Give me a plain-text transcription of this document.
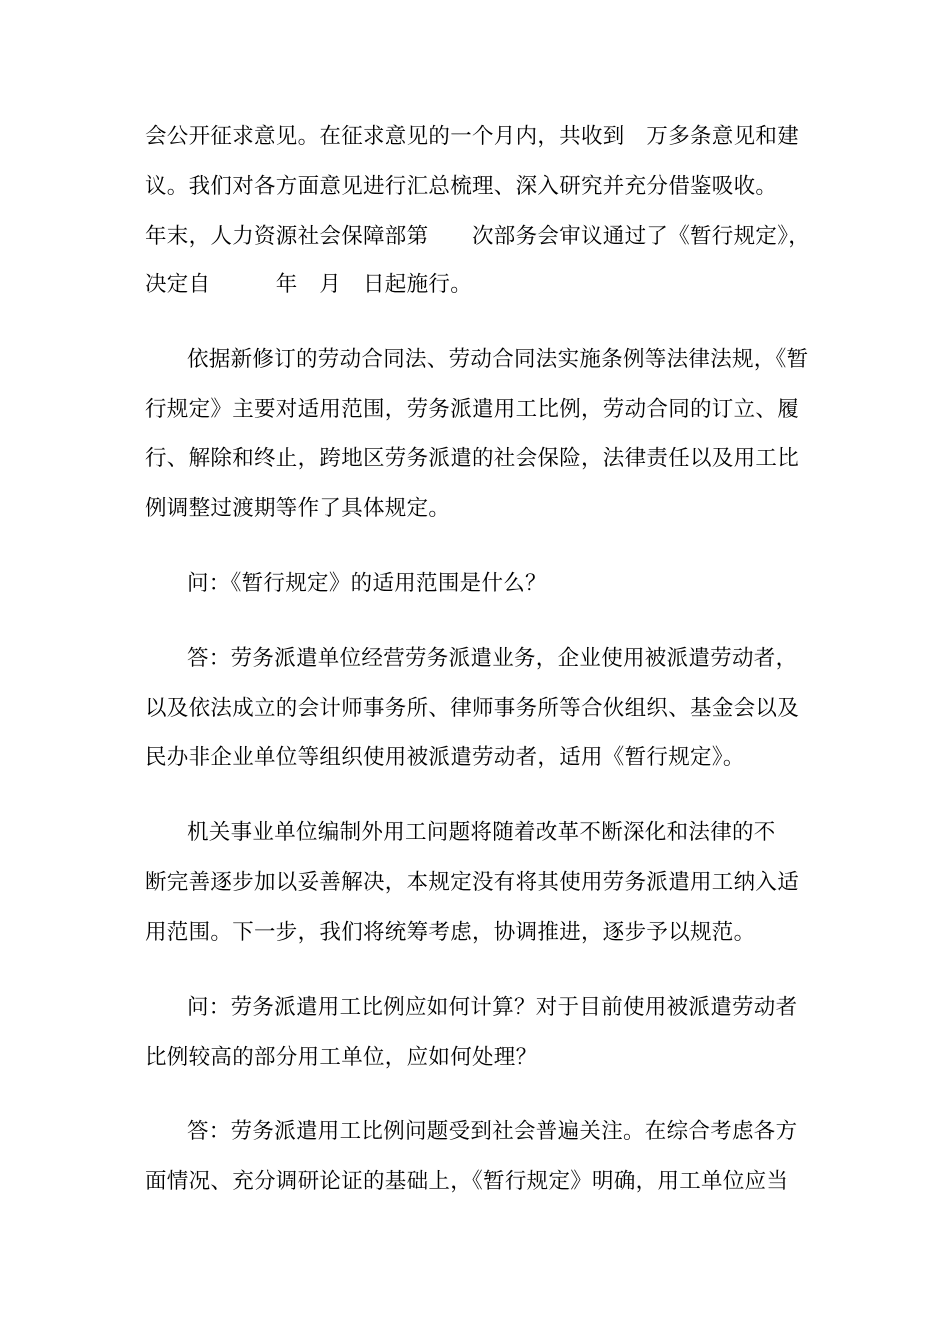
会公开征求意见。在征求意见的一个月内，共收到　万多条意见和建
议。我们对各方面意见进行汇总梳理、深入研究并充分借鉴吸收。
年末，人力资源社会保障部第　　次部务会审议通过了《暂行规定》，
决定自　　　年　月　日起施行。
依据新修订的劳动合同法、劳动合同法实施条例等法律法规，《暂
行规定》主要对适用范围，劳务派遣用工比例，劳动合同的订立、履
行、解除和终止，跨地区劳务派遣的社会保险，法律责任以及用工比
例调整过渡期等作了具体规定。
问：《暂行规定》的适用范围是什么？
答：劳务派遣单位经营劳务派遣业务，企业使用被派遣劳动者，
以及依法成立的会计师事务所、律师事务所等合伙组织、基金会以及
民办非企业单位等组织使用被派遣劳动者，适用《暂行规定》。
机关事业单位编制外用工问题将随着改革不断深化和法律的不
断完善逐步加以妥善解决，本规定没有将其使用劳务派遣用工纳入适
用范围。下一步，我们将统筹考虑，协调推进，逐步予以规范。
问：劳务派遣用工比例应如何计算？对于目前使用被派遣劳动者
比例较高的部分用工单位，应如何处理？
答：劳务派遣用工比例问题受到社会普遍关注。在综合考虑各方
面情况、充分调研论证的基础上，《暂行规定》明确，用工单位应当
